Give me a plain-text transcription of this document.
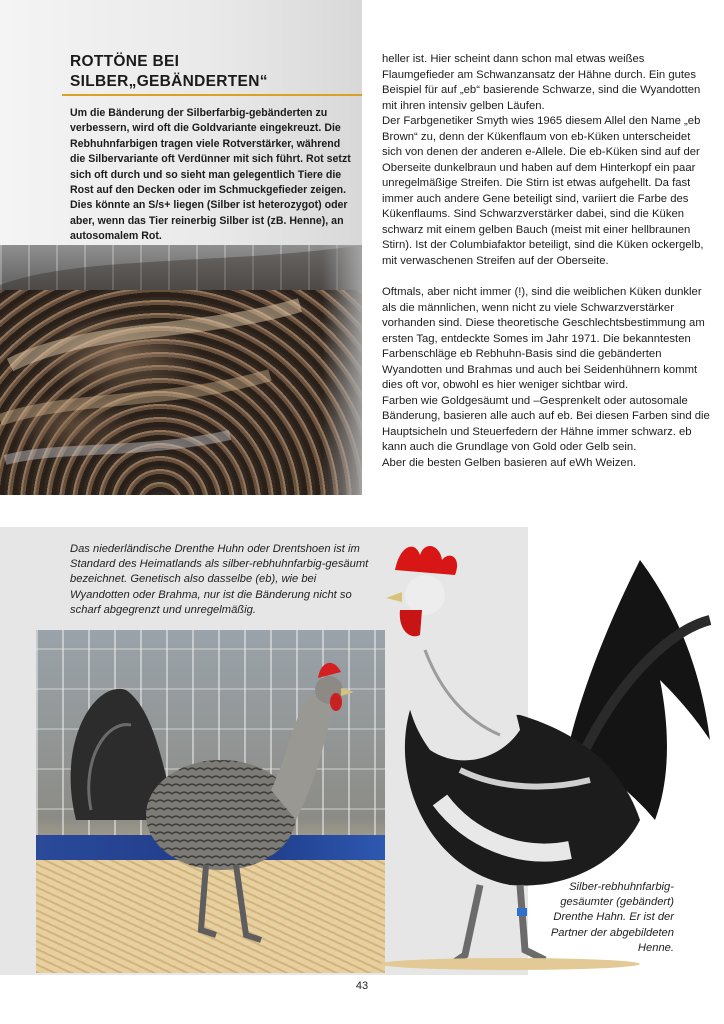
ROTTÖNE BEI
SILBER„GEBÄNDERTEN“

Um die Bänderung der Silberfarbig-gebänderten zu verbessern, wird oft die Goldvariante eingekreuzt. Die Rebhuhnfarbigen tragen viele Rotverstärker, während die Silbervariante oft Verdünner mit sich führt. Rot setzt sich oft durch und so sieht man gelegentlich Tiere die Rost auf den Decken oder im Schmuckgefieder zeigen. Dies könnte an S/s+ liegen (Silber ist heterozygot) oder aber, wenn das Tier reinerbig Silber ist (zB. Henne), an autosomalem Rot.

heller ist. Hier scheint dann schon mal etwas weißes Flaumgefieder am Schwanzansatz der Hähne durch. Ein gutes Beispiel für auf „eb“ basierende Schwarze, sind die Wyandotten mit ihren intensiv gelben Läufen.

Der Farbgenetiker Smyth wies 1965 diesem Allel den Name „eb Brown“ zu, denn der Kükenflaum von eb-Küken unterscheidet sich von denen der anderen e-Allele. Die eb-Küken sind auf der Oberseite dunkelbraun und haben auf dem Hinterkopf ein paar unregelmäßige Streifen. Die Stirn ist etwas aufgehellt. Da fast immer auch andere Gene beteiligt sind, variiert die Farbe des Kükenflaums. Sind Schwarzverstärker dabei, sind die Küken schwarz mit einem gelben Bauch (meist mit einer hellbraunen Stirn). Ist der Columbiafaktor beteiligt, sind die Küken ockergelb, mit verwaschenen Streifen auf der Oberseite.

Oftmals, aber nicht immer (!), sind die weiblichen Küken dunkler als die männlichen, wenn nicht zu viele Schwarzverstärker vorhanden sind. Diese theoretische Geschlechtsbestimmung am ersten Tag, entdeckte Somes im Jahr 1971. Die bekanntesten Farbenschläge eb Rebhuhn-Basis sind die gebänderten Wyandotten und Brahmas und auch bei Seidenhühnern kommt dies oft vor, obwohl es hier weniger sichtbar wird.

Farben wie Goldgesäumt und –Gesprenkelt oder autosomale Bänderung, basieren alle auch auf eb. Bei diesen Farben sind die Hauptsicheln und Steuerfedern der Hähne immer schwarz. eb kann auch die Grundlage von Gold oder Gelb sein.

Aber die besten Gelben basieren auf eWh Weizen.

Das niederländische Drenthe Huhn oder Drentshoen ist im Standard des Heimatlands als silber-rebhuhnfarbig-gesäumt bezeichnet. Genetisch also dasselbe (eb), wie bei Wyandotten oder Brahma, nur ist die Bänderung nicht so scharf abgegrenzt und unregelmäßig.

Silber-rebhuhnfarbig-gesäumter (gebändert) Drenthe Hahn. Er ist der Partner der abgebildeten Henne.

43
